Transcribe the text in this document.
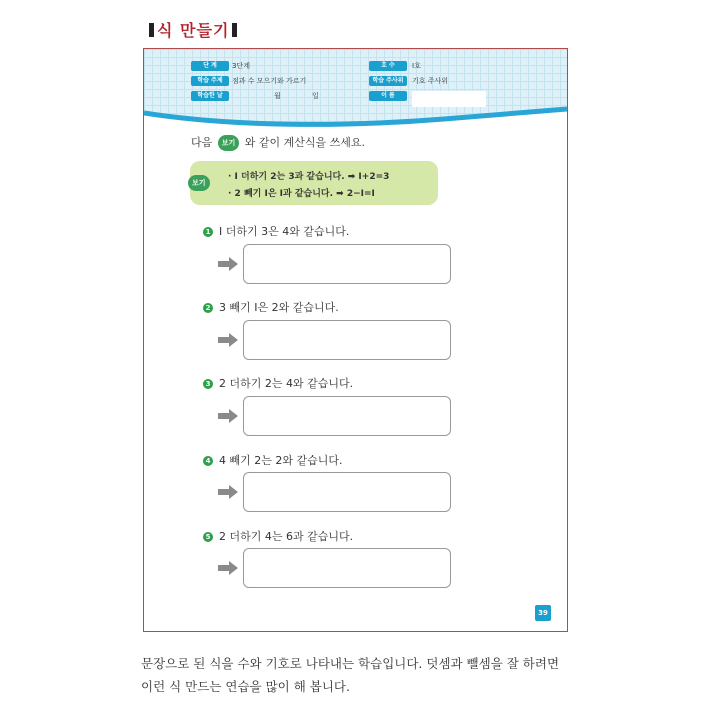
식 만들기
단 계	3단계
학습 주제	점과 수 모으기와 가르기
학습한 날	월	일
호 수	I호
학습 주사위	기호 주사위
이 름
다음 보기 와 같이 계산식을 쓰세요.
보기
· I 더하기 2는 3과 같습니다. ➡ I+2=3
· 2 빼기 I은 I과 같습니다. ➡ 2−I=I
1 I 더하기 3은 4와 같습니다.
2 3 빼기 I은 2와 같습니다.
3 2 더하기 2는 4와 같습니다.
4 4 빼기 2는 2와 같습니다.
5 2 더하기 4는 6과 같습니다.
39
문장으로 된 식을 수와 기호로 나타내는 학습입니다. 덧셈과 뺄셈을 잘 하려면 이런 식 만드는 연습을 많이 해 봅니다.
